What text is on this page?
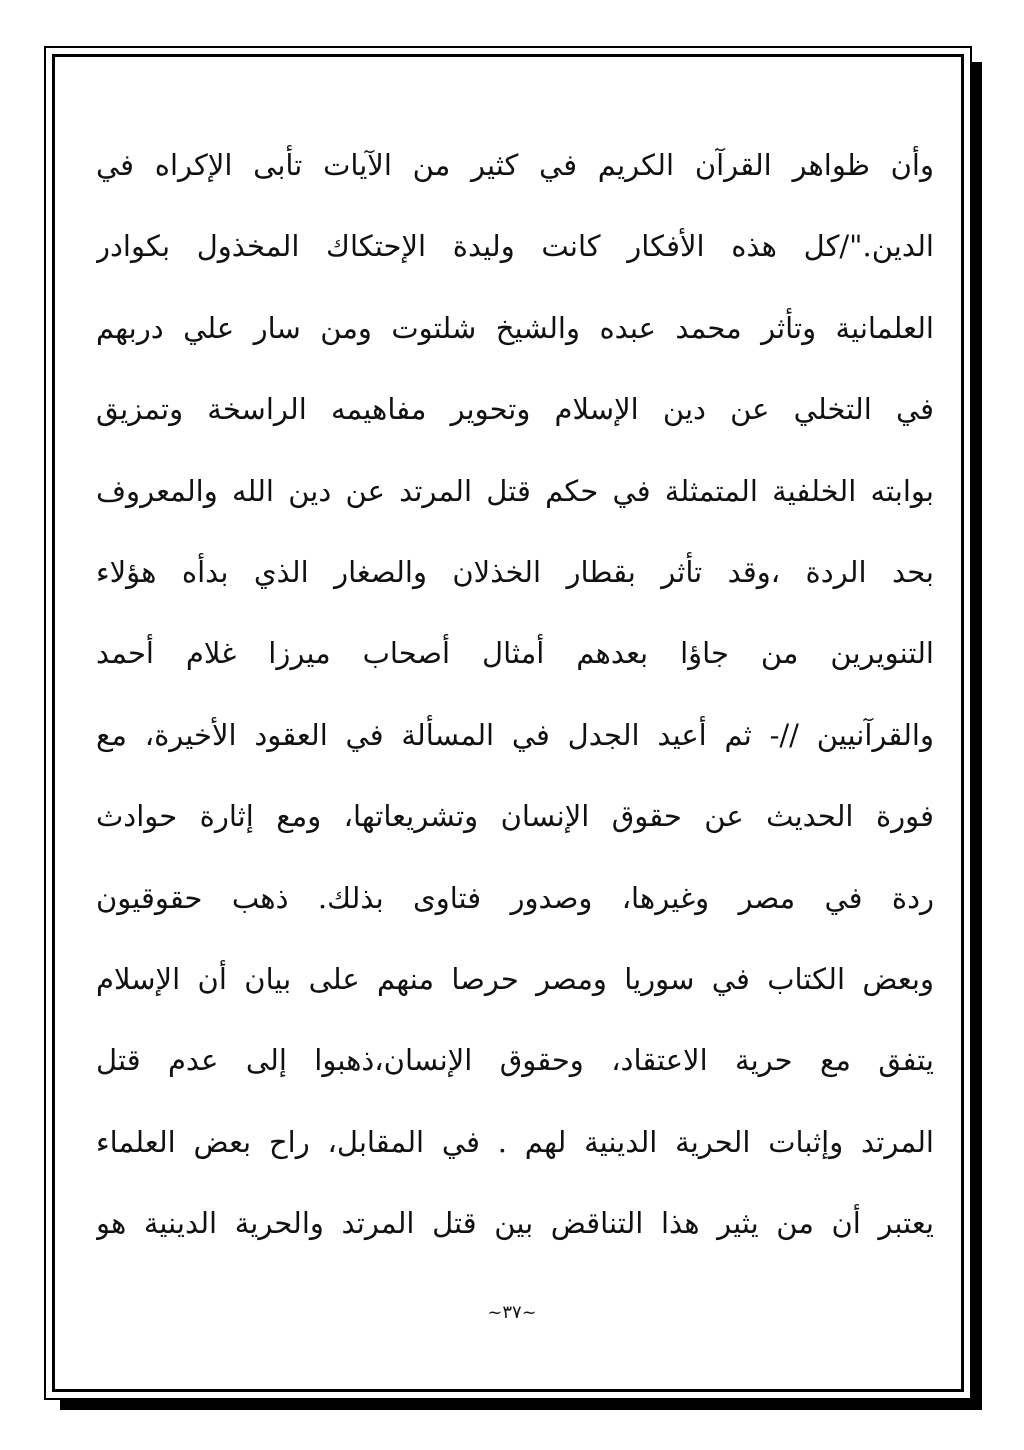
وأن ظواهر القرآن الكريم في كثير من الآيات تأبى الإكراه في
الدين."/كل هذه الأفكار كانت وليدة الإحتكاك المخذول بكوادر
العلمانية وتأثر محمد عبده والشيخ شلتوت ومن سار علي دربهم
في التخلي عن دين الإسلام وتحوير مفاهيمه الراسخة وتمزيق
بوابته الخلفية المتمثلة في حكم قتل المرتد عن دين الله والمعروف
بحد الردة ،وقد تأثر بقطار الخذلان والصغار الذي بدأه هؤلاء
التنويرين من جاؤا بعدهم أمثال أصحاب ميرزا غلام أحمد
والقرآنيين //- ثم أعيد الجدل في المسألة في العقود الأخيرة، مع
فورة الحديث عن حقوق الإنسان وتشريعاتها، ومع إثارة حوادث
ردة في مصر وغيرها، وصدور فتاوى بذلك. ذهب حقوقيون
وبعض الكتاب في سوريا ومصر حرصا منهم على بيان أن الإسلام
يتفق مع حرية الاعتقاد، وحقوق الإنسان،ذهبوا إلى عدم قتل
المرتد وإثبات الحرية الدينية لهم . في المقابل، راح بعض العلماء
يعتبر أن من يثير هذا التناقض بين قتل المرتد والحرية الدينية هو
~٣٧~
